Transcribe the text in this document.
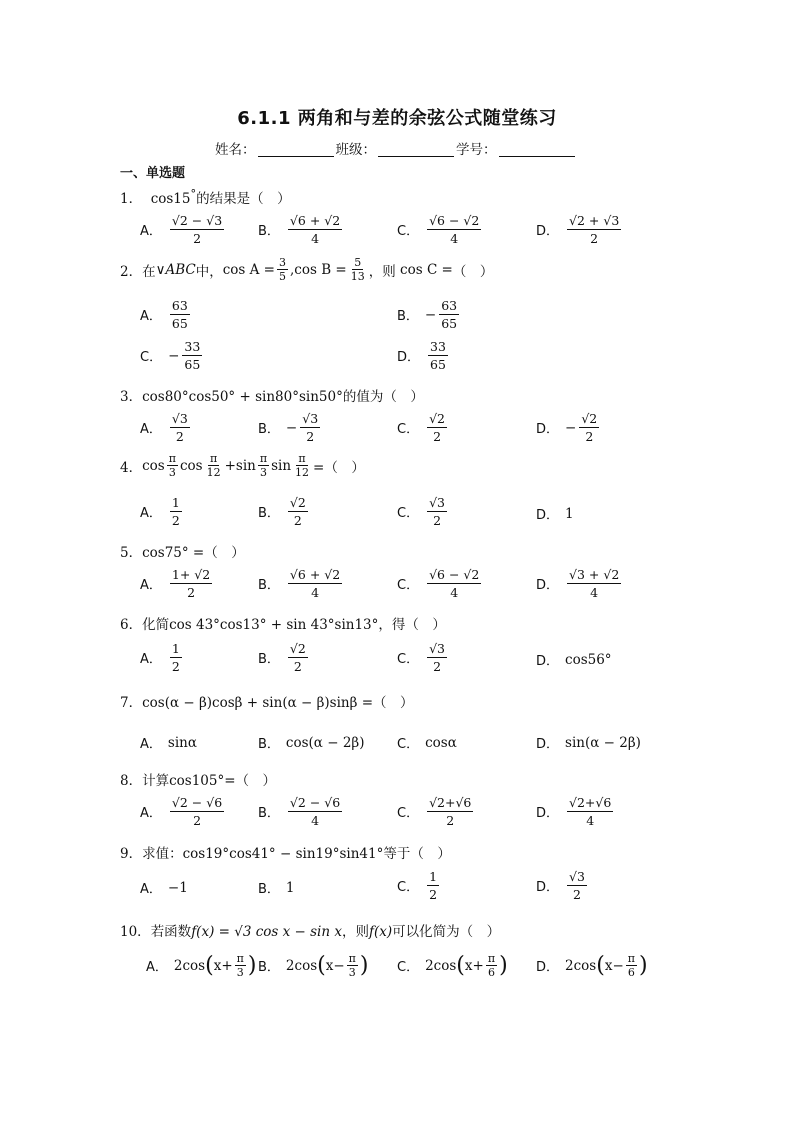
6.1.1 两角和与差的余弦公式随堂练习
姓名：	班级：	学号：
一、单选题
1． cos15°的结果是（　）
A． $\frac{√2 - √3}{2}$	B． $\frac{√6 + √2}{4}$	C． $\frac{√6 - √2}{4}$	D． $\frac{√2 + √3}{2}$
2． 在 ∨ ABC 中， $\cos A = \frac{3}{5} ,\cos$ $B = \frac{5}{13}$ ，则
cos C = （　）
A． $\frac{63}{65}$	B． − $\frac{63}{65}$
C． − $\frac{33}{65}$	D． $\frac{33}{65}$
3．cos80°cos50° + sin80°sin50°的值为（　）
A． $\frac{√3}{2}$	B． − $\frac{√3}{2}$	C． $\frac{√2}{2}$	D． − $\frac{√2}{2}$
4． $\cos \frac{\pi}{3}$ $\cos \frac{\pi}{12} + \sin \frac{\pi}{3}$ $\sin \frac{\pi}{12}$ =（　）
A． $\frac{1}{2}$	B． $\frac{√2}{2}$	C． $\frac{√3}{2}$	D． 1
5．cos75° =（　）
A． $\frac{1+ √2}{2}$	B． $\frac{√6 + √2}{4}$	C． $\frac{√6 - √2}{4}$	D． $\frac{√3 + √2}{4}$
6．化简cos 43°cos13° + sin 43°sin13°，得（　）
A． $\frac{1}{2}$	B． $\frac{√2}{2}$	C． $\frac{√3}{2}$	D． cos56°
7．cos(α − β)cosβ + sin(α − β)sinβ =（　）
A． sinα	B． cos(α − 2β)	C． cosα	D． sin(α − 2β)
8．计算cos105°=（　）
A． $\frac{√2 - √6}{2}$	B． $\frac{√2 - √6}{4}$	C． $\frac{√2+√6}{2}$	D． $\frac{√2+√6}{4}$
9．求值：cos19°cos41° − sin19°sin41°等于（　）
A． −1	B． 1	C． $\frac{1}{2}$	D． $\frac{√3}{2}$
10．若函数f(x) = √3 cos x − sin x，则f(x)可以化简为（　）
A． 2cos ( $x+ \frac{\pi}{3}$ ) B． 2cos ( $x- \frac{\pi}{3}$ ) C． 2cos ( $x+ \frac{\pi}{6}$ ) D． 2cos ( $x- \frac{\pi}{6}$ )
